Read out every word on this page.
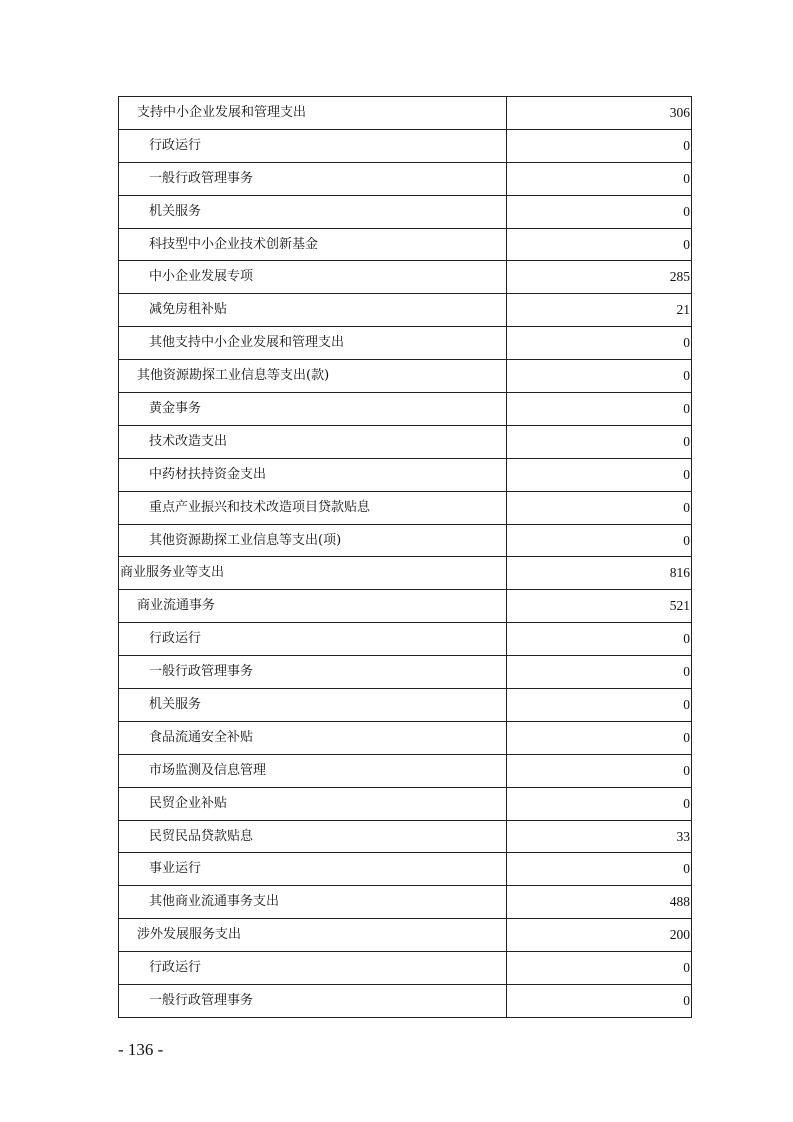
支持中小企业发展和管理支出	306
行政运行	0
一般行政管理事务	0
机关服务	0
科技型中小企业技术创新基金	0
中小企业发展专项	285
减免房租补贴	21
其他支持中小企业发展和管理支出	0
其他资源勘探工业信息等支出(款)	0
黄金事务	0
技术改造支出	0
中药材扶持资金支出	0
重点产业振兴和技术改造项目贷款贴息	0
其他资源勘探工业信息等支出(项)	0
商业服务业等支出	816
商业流通事务	521
行政运行	0
一般行政管理事务	0
机关服务	0
食品流通安全补贴	0
市场监测及信息管理	0
民贸企业补贴	0
民贸民品贷款贴息	33
事业运行	0
其他商业流通事务支出	488
涉外发展服务支出	200
行政运行	0
一般行政管理事务	0
- 136 -
